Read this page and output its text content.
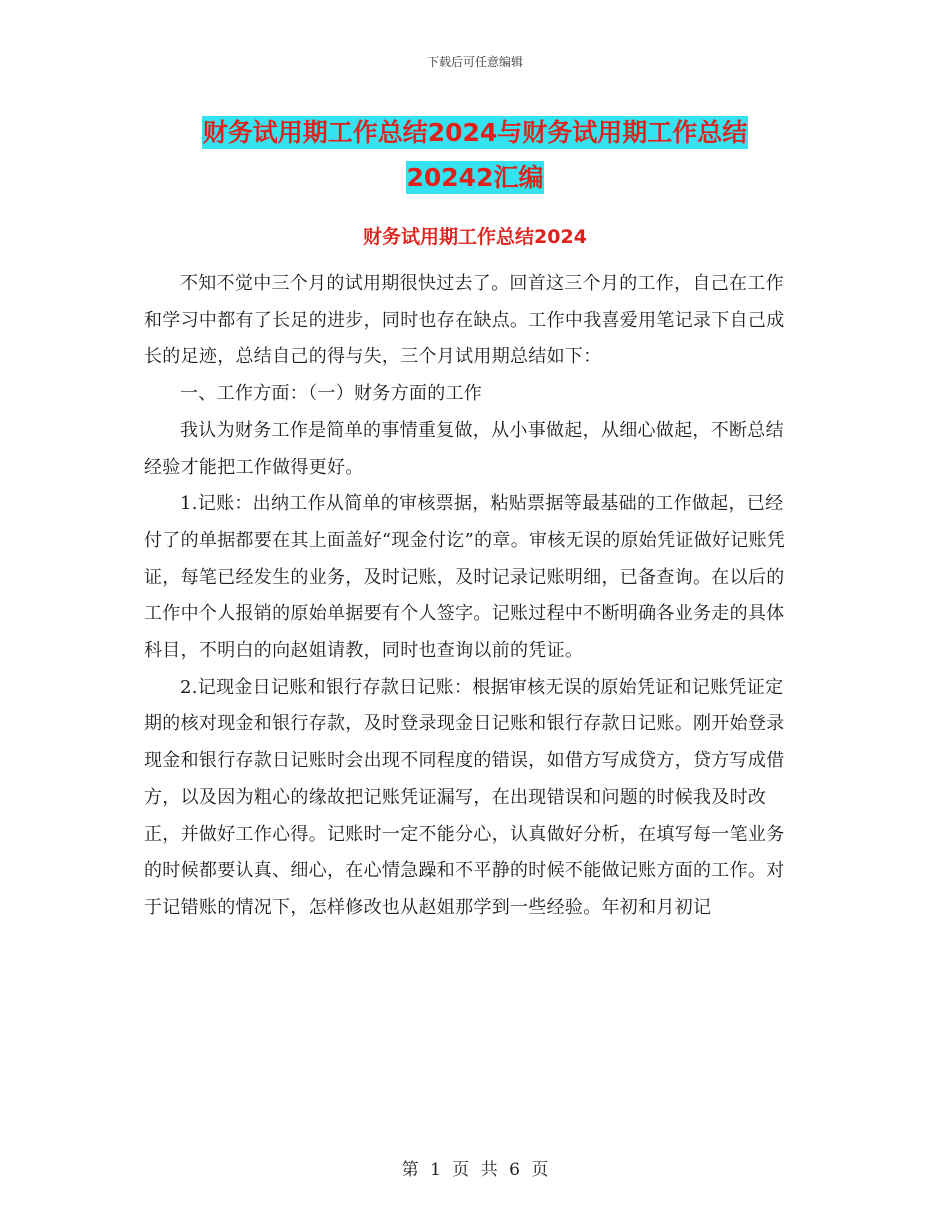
下载后可任意编辑
财务试用期工作总结2024与财务试用期工作总结
20242汇编
财务试用期工作总结2024

不知不觉中三个月的试用期很快过去了。回首这三个月的工作，自己在工作和学习中都有了长足的进步，同时也存在缺点。工作中我喜爱用笔记录下自己成长的足迹，总结自己的得与失，三个月试用期总结如下：

一、工作方面：（一）财务方面的工作

我认为财务工作是简单的事情重复做，从小事做起，从细心做起，不断总结经验才能把工作做得更好。

1.记账：出纳工作从简单的审核票据，粘贴票据等最基础的工作做起，已经付了的单据都要在其上面盖好“现金付讫”的章。审核无误的原始凭证做好记账凭证，每笔已经发生的业务，及时记账，及时记录记账明细，已备查询。在以后的工作中个人报销的原始单据要有个人签字。记账过程中不断明确各业务走的具体科目，不明白的向赵姐请教，同时也查询以前的凭证。

2.记现金日记账和银行存款日记账：根据审核无误的原始凭证和记账凭证定期的核对现金和银行存款，及时登录现金日记账和银行存款日记账。刚开始登录现金和银行存款日记账时会出现不同程度的错误，如借方写成贷方，贷方写成借方，以及因为粗心的缘故把记账凭证漏写，在出现错误和问题的时候我及时改正，并做好工作心得。记账时一定不能分心，认真做好分析，在填写每一笔业务的时候都要认真、细心，在心情急躁和不平静的时候不能做记账方面的工作。对于记错账的情况下，怎样修改也从赵姐那学到一些经验。年初和月初记

第 1 页 共 6 页
